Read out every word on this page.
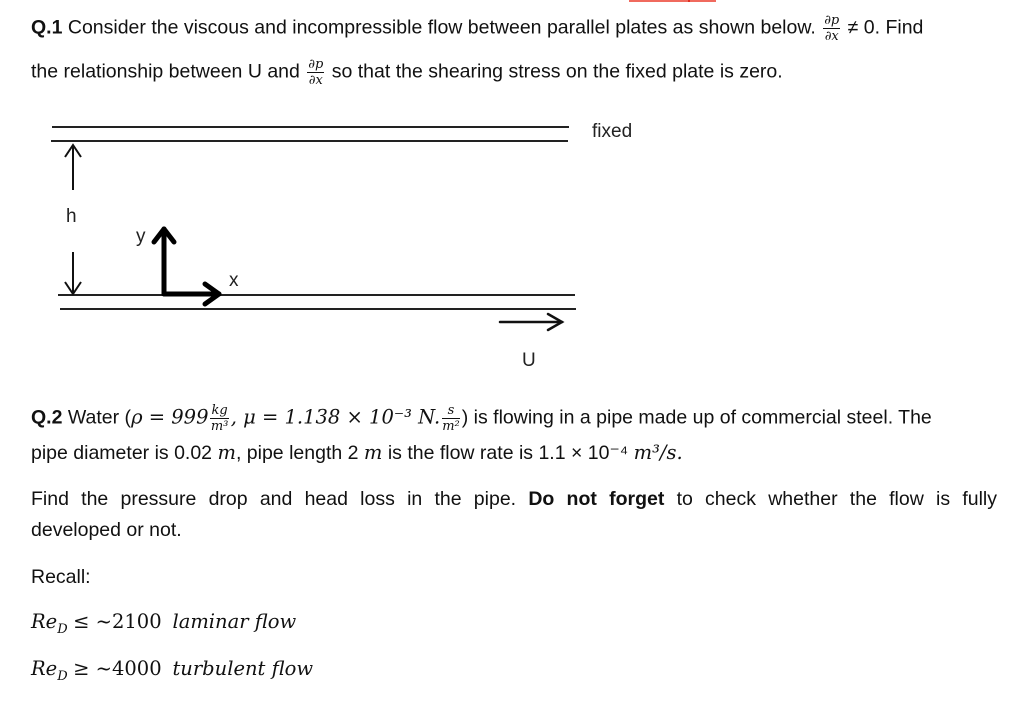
Q.1 Consider the viscous and incompressible flow between parallel plates as shown below. $\frac{\partial p}{\partial x} \ne 0$. Find
the relationship between U and $\frac{\partial p}{\partial x}$ so that the shearing stress on the fixed plate is zero.
fixed
h
y
x
U
Q.2 Water ($\rho = 999 \frac{kg}{\text{m³}}$ , μ = 1.138 × 10⁻³ N. $\frac{s}{\text{m²}}$ ) is flowing in a pipe made up of commercial steel. The
pipe diameter is 0.02 m, pipe length 2 m is the flow rate is 1.1 × 10⁻⁴ m³/s.
Find the pressure drop and head loss in the pipe. Do not forget to check whether the flow is fully
developed or not.
Recall:
$Re_D$ ≤ ~2100 laminar flow
$Re_D$ ≥ ~4000 turbulent flow
